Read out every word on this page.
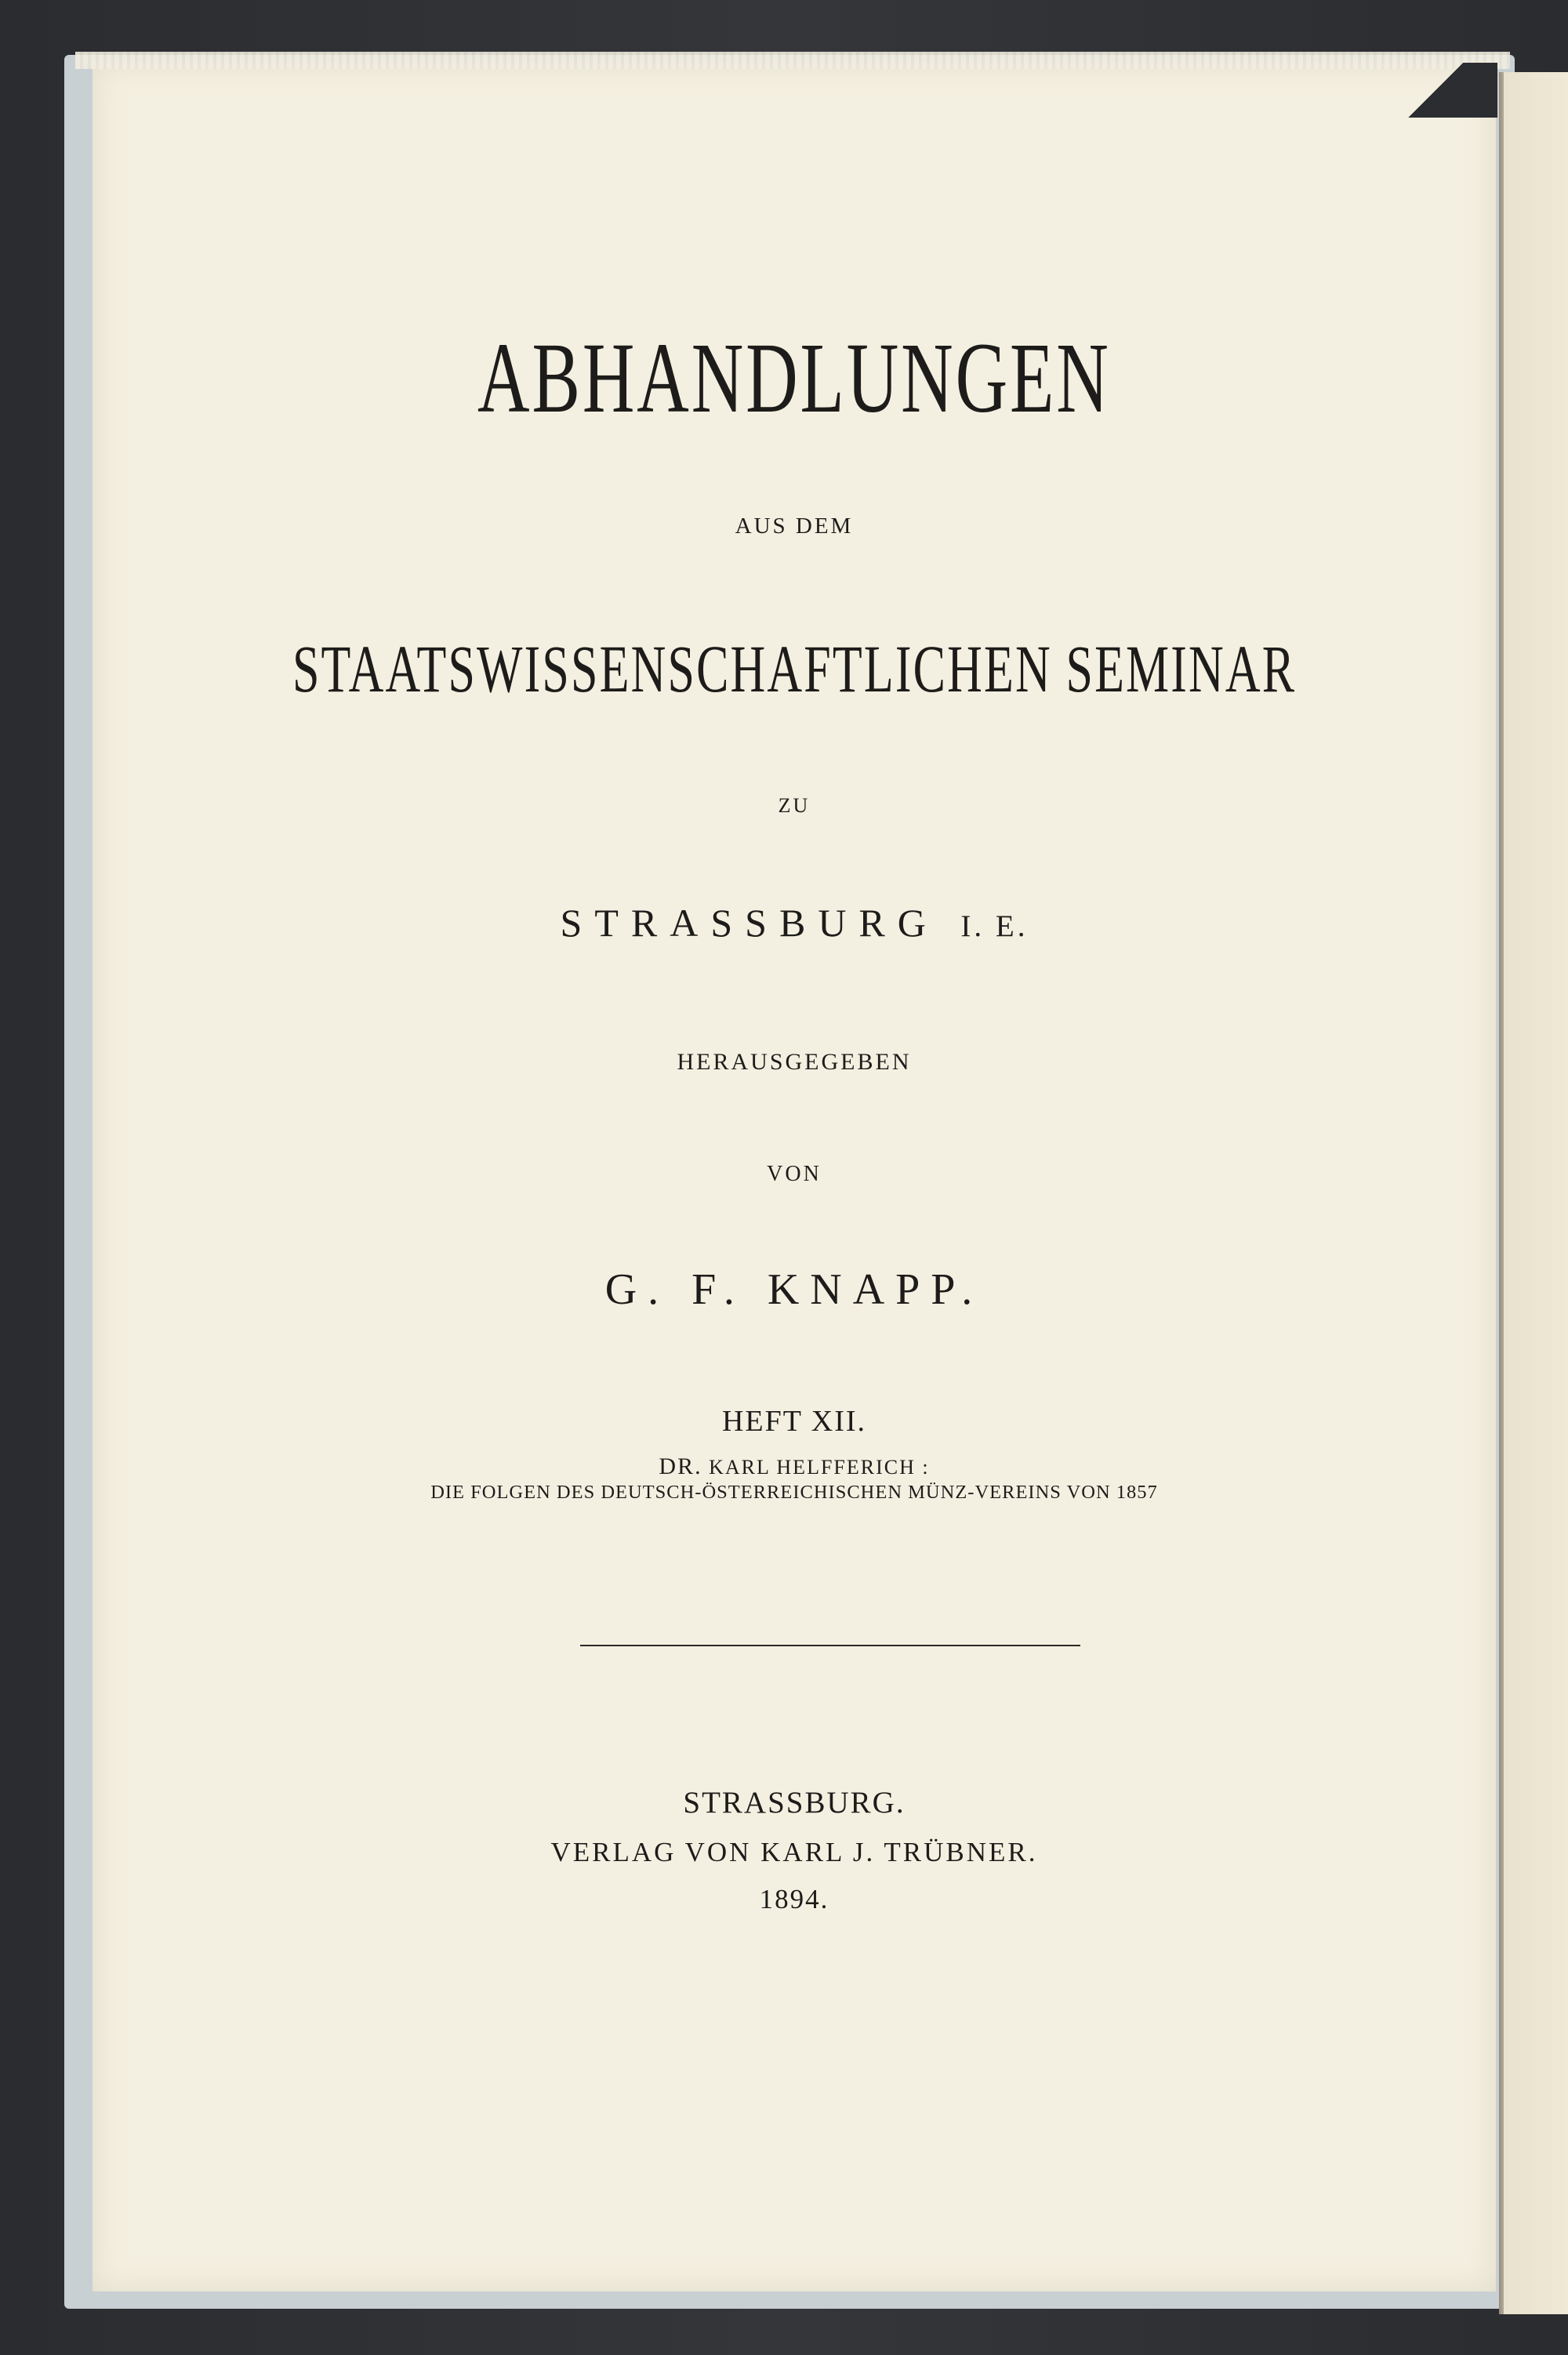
ABHANDLUNGEN

AUS DEM

STAATSWISSENSCHAFTLICHEN SEMINAR

ZU

STRASSBURG I. E.

HERAUSGEGEBEN

VON

G. F. KNAPP.

HEFT XII.

DR. KARL HELFFERICH :

DIE FOLGEN DES DEUTSCH-ÖSTERREICHISCHEN MÜNZ-VEREINS VON 1857

STRASSBURG.

VERLAG VON KARL J. TRÜBNER.

1894.
